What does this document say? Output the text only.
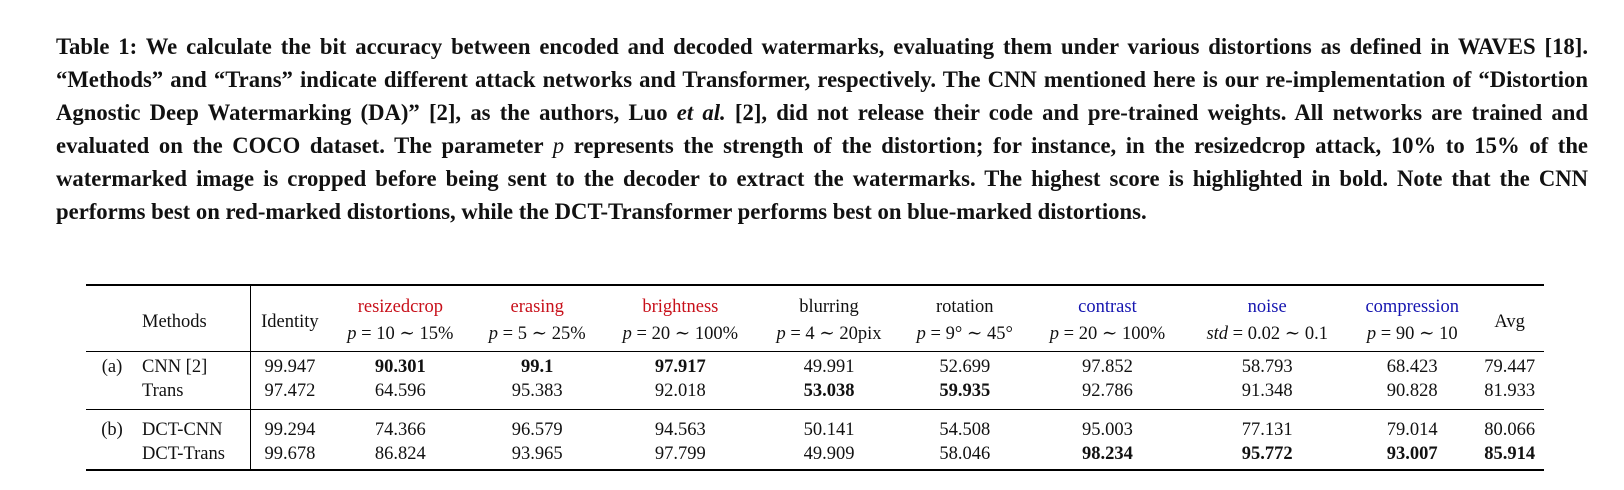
Table 1: We calculate the bit accuracy between encoded and decoded watermarks, evaluating them under various distortions as defined in WAVES [18]. “Methods” and “Trans” indicate different attack networks and Transformer, respectively. The CNN mentioned here is our re-implementation of “Distortion Agnostic Deep Watermarking (DA)” [2], as the authors, Luo et al. [2], did not release their code and pre-trained weights. All networks are trained and evaluated on the COCO dataset. The parameter p represents the strength of the distortion; for instance, in the resizedcrop attack, 10% to 15% of the watermarked image is cropped before being sent to the decoder to extract the watermarks. The highest score is highlighted in bold. Note that the CNN performs best on red-marked distortions, while the DCT-Transformer performs best on blue-marked distortions.
	Methods	Identity	resizedcrop	erasing	brightness	blurring	rotation	contrast	noise	compression	Avg
			p = 10 ∼ 15%	p = 5 ∼ 25%	p = 20 ∼ 100%	p = 4 ∼ 20pix	p = 9° ∼ 45°	p = 20 ∼ 100%	std = 0.02 ∼ 0.1	p = 90 ∼ 10	
(a)	CNN [2]	99.947	90.301	99.1	97.917	49.991	52.699	97.852	58.793	68.423	79.447
	Trans	97.472	64.596	95.383	92.018	53.038	59.935	92.786	91.348	90.828	81.933
(b)	DCT-CNN	99.294	74.366	96.579	94.563	50.141	54.508	95.003	77.131	79.014	80.066
	DCT-Trans	99.678	86.824	93.965	97.799	49.909	58.046	98.234	95.772	93.007	85.914
